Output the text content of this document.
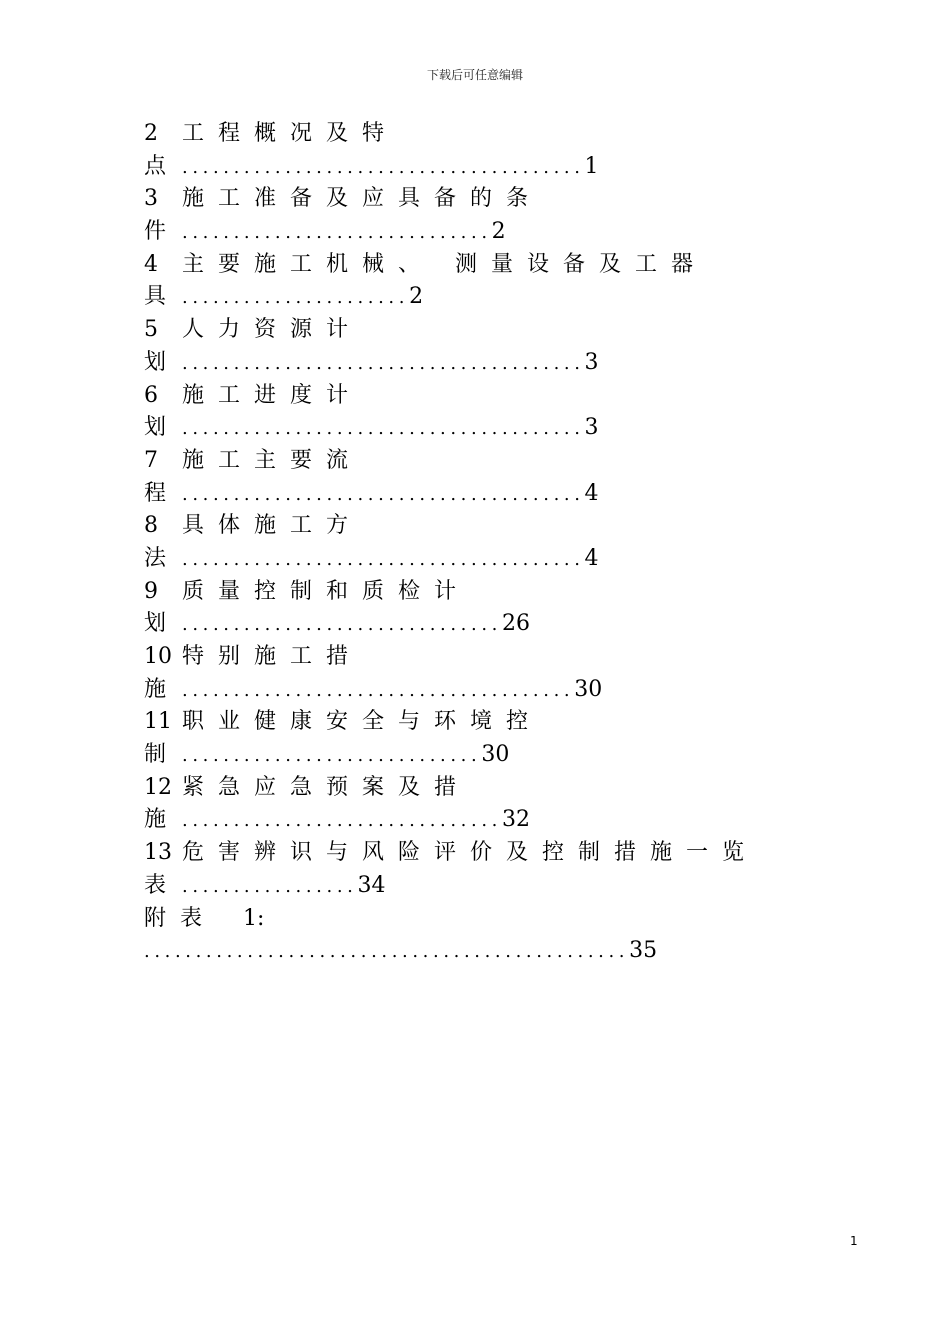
下载后可任意编辑
2 工程概况及特
点 .......................................1
3 施工准备及应具备的条
件 ..............................2
4 主要施工机械、 测量设备及工器
具 ......................2
5 人力资源计
划 .......................................3
6 施工进度计
划 .......................................3
7 施工主要流
程 .......................................4
8 具体施工方
法 .......................................4
9 质量控制和质检计
划 ...............................26
10 特别施工措
施 ......................................30
11 职业健康安全与环境控
制 .............................30
12 紧急应急预案及措
施 ...............................32
13 危害辨识与风险评价及控制措施一览
表 .................34
附表 1:
...............................................35
1
